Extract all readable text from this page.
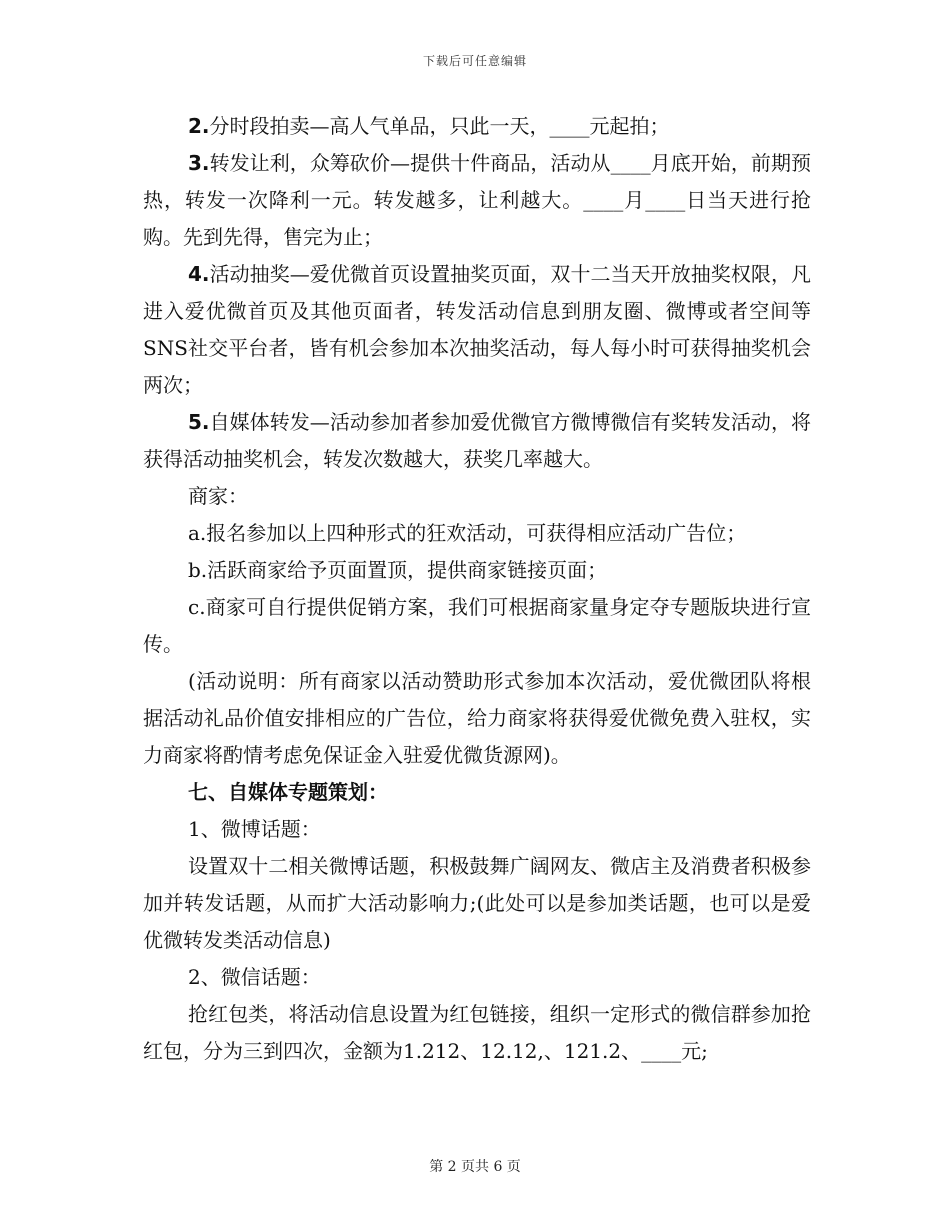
下载后可任意编辑

2.分时段拍卖—高人气单品，只此一天，____元起拍；

3.转发让利，众筹砍价—提供十件商品，活动从____月底开始，前期预热，转发一次降利一元。转发越多，让利越大。____月____日当天进行抢购。先到先得，售完为止；

4.活动抽奖—爱优微首页设置抽奖页面，双十二当天开放抽奖权限，凡进入爱优微首页及其他页面者，转发活动信息到朋友圈、微博或者空间等SNS社交平台者，皆有机会参加本次抽奖活动，每人每小时可获得抽奖机会两次；

5.自媒体转发—活动参加者参加爱优微官方微博微信有奖转发活动，将获得活动抽奖机会，转发次数越大，获奖几率越大。

商家：

a.报名参加以上四种形式的狂欢活动，可获得相应活动广告位；

b.活跃商家给予页面置顶，提供商家链接页面；

c.商家可自行提供促销方案，我们可根据商家量身定夺专题版块进行宣传。

(活动说明：所有商家以活动赞助形式参加本次活动，爱优微团队将根据活动礼品价值安排相应的广告位，给力商家将获得爱优微免费入驻权，实力商家将酌情考虑免保证金入驻爱优微货源网)。

七、自媒体专题策划：

1、微博话题：

设置双十二相关微博话题，积极鼓舞广阔网友、微店主及消费者积极参加并转发话题，从而扩大活动影响力;(此处可以是参加类话题，也可以是爱优微转发类活动信息)

2、微信话题：

抢红包类，将活动信息设置为红包链接，组织一定形式的微信群参加抢红包，分为三到四次，金额为1.212、12.12,、121.2、____元;

第 2 页共 6 页
